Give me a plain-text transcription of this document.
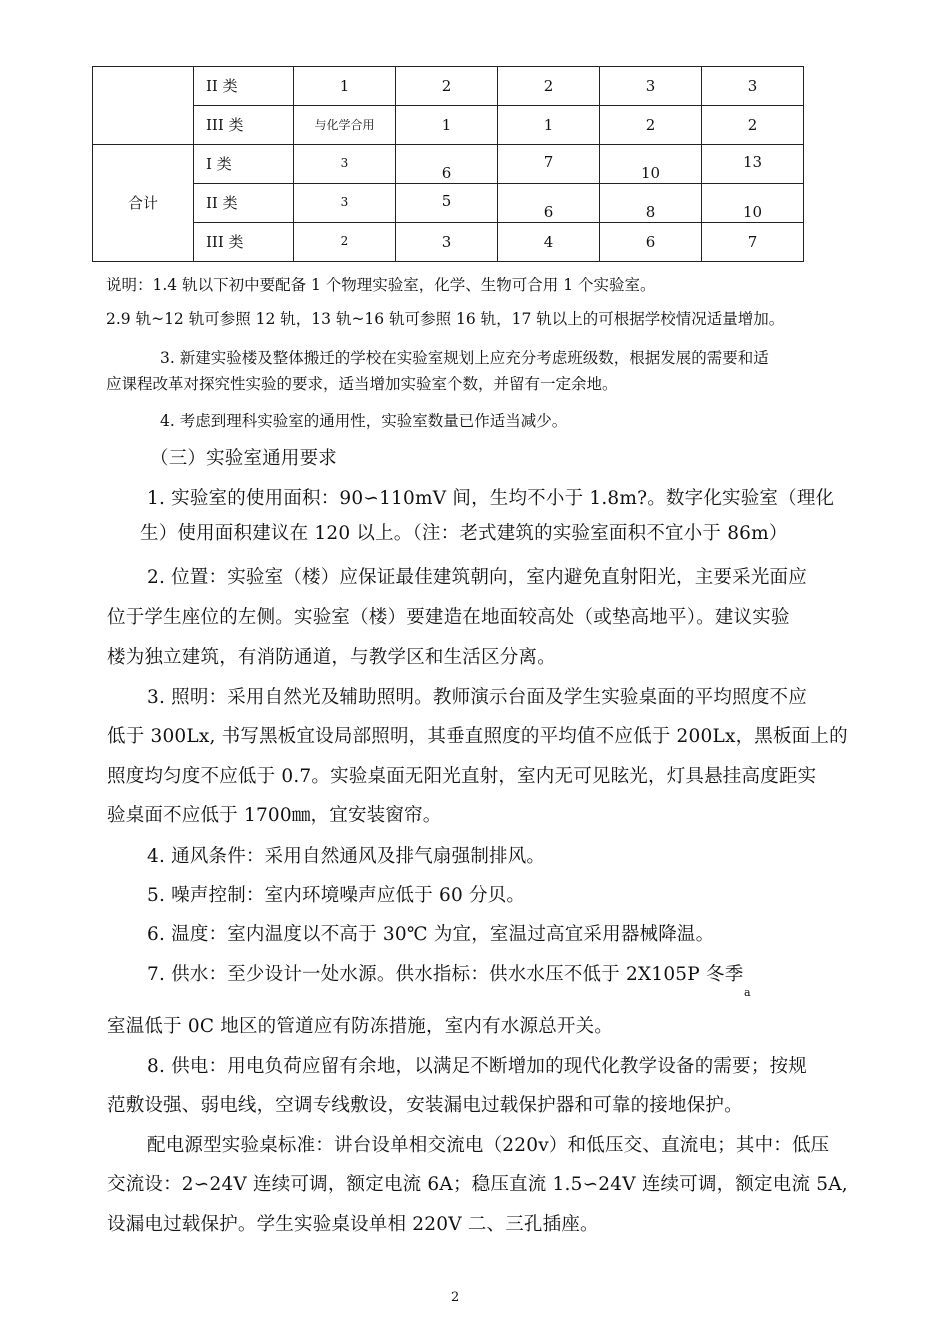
	II 类	1	2	2	3	3
	III 类	与化学合用	1	1	2	2
合计	I 类	3	6	7	10	13
	II 类	3	5	6	8	10
	III 类	2	3	4	6	7
说明：1.4 轨以下初中要配备 1 个物理实验室，化学、生物可合用 1 个实验室。
2.9 轨~12 轨可参照 12 轨，13 轨~16 轨可参照 16 轨，17 轨以上的可根据学校情况适量增加。
3. 新建实验楼及整体搬迁的学校在实验室规划上应充分考虑班级数，根据发展的需要和适
应课程改革对探究性实验的要求，适当增加实验室个数，并留有一定余地。
4. 考虑到理科实验室的通用性，实验室数量已作适当减少。
（三）实验室通用要求
1. 实验室的使用面积：90∽110mV 间，生均不小于 1.8m?。数字化实验室（理化
生）使用面积建议在 120 以上。（注：老式建筑的实验室面积不宜小于 86m）
2. 位置：实验室（楼）应保证最佳建筑朝向，室内避免直射阳光，主要采光面应
位于学生座位的左侧。实验室（楼）要建造在地面较高处（或垫高地平）。建议实验
楼为独立建筑，有消防通道，与教学区和生活区分离。
3. 照明：采用自然光及辅助照明。教师演示台面及学生实验桌面的平均照度不应
低于 300Lx, 书写黑板宜设局部照明，其垂直照度的平均值不应低于 200Lx，黑板面上的
照度均匀度不应低于 0.7。实验桌面无阳光直射，室内无可见眩光，灯具悬挂高度距实
验桌面不应低于 1700㎜，宜安装窗帘。
4. 通风条件：采用自然通风及排气扇强制排风。
5. 噪声控制：室内环境噪声应低于 60 分贝。
6. 温度：室内温度以不高于 30℃ 为宜，室温过高宜采用器械降温。
7. 供水：至少设计一处水源。供水指标：供水水压不低于 2X105P 冬季
a
室温低于 0C 地区的管道应有防冻措施，室内有水源总开关。
8. 供电：用电负荷应留有余地，以满足不断增加的现代化教学设备的需要；按规
范敷设强、弱电线，空调专线敷设，安装漏电过载保护器和可靠的接地保护。
配电源型实验桌标准：讲台设单相交流电（220v）和低压交、直流电；其中：低压
交流设：2∽24V 连续可调，额定电流 6A；稳压直流 1.5∽24V 连续可调，额定电流 5A,
设漏电过载保护。学生实验桌设单相 220V 二、三孔插座。
2
